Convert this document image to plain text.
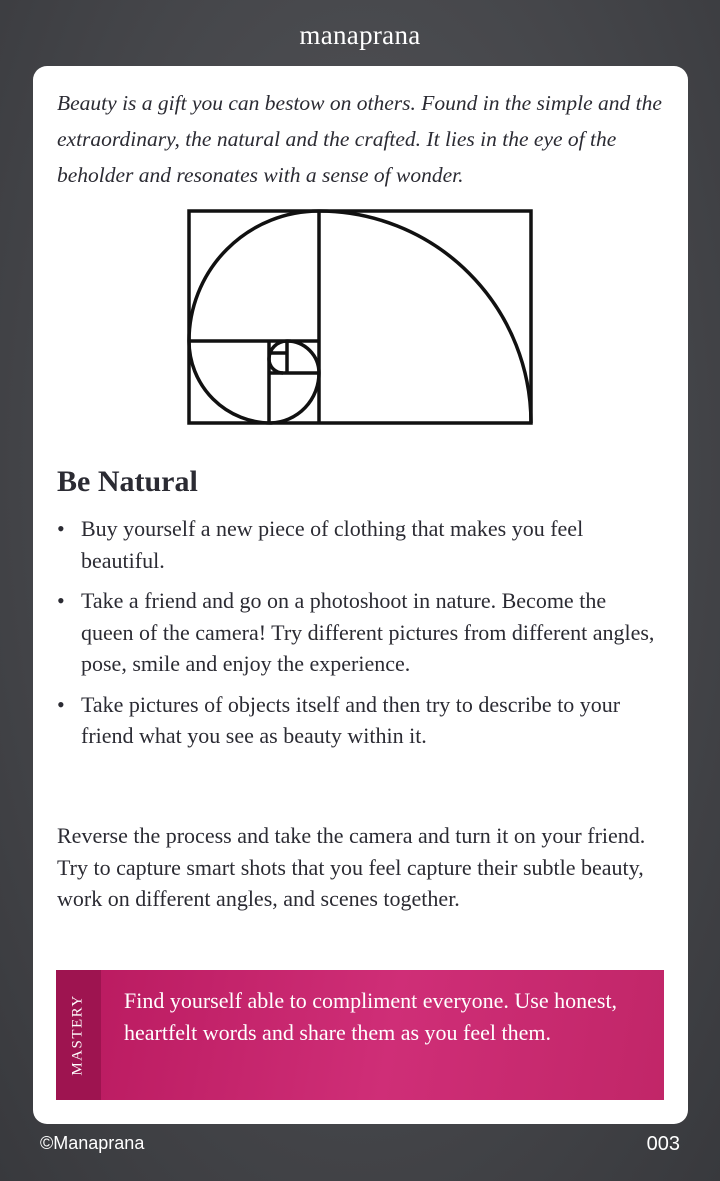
manaprana

Beauty is a gift you can bestow on others. Found in the simple and the extraordinary, the natural and the crafted. It lies in the eye of the beholder and resonates with a sense of wonder.

Be Natural
• Buy yourself a new piece of clothing that makes you feel beautiful.
• Take a friend and go on a photoshoot in nature. Become the queen of the camera! Try different pictures from different angles, pose, smile and enjoy the experience.
• Take pictures of objects itself and then try to describe to your friend what you see as beauty within it.

Reverse the process and take the camera and turn it on your friend. Try to capture smart shots that you feel capture their subtle beauty, work on different angles, and scenes together.

MASTERY Find yourself able to compliment everyone. Use honest, heartfelt words and share them as you feel them.

©Manaprana	003
